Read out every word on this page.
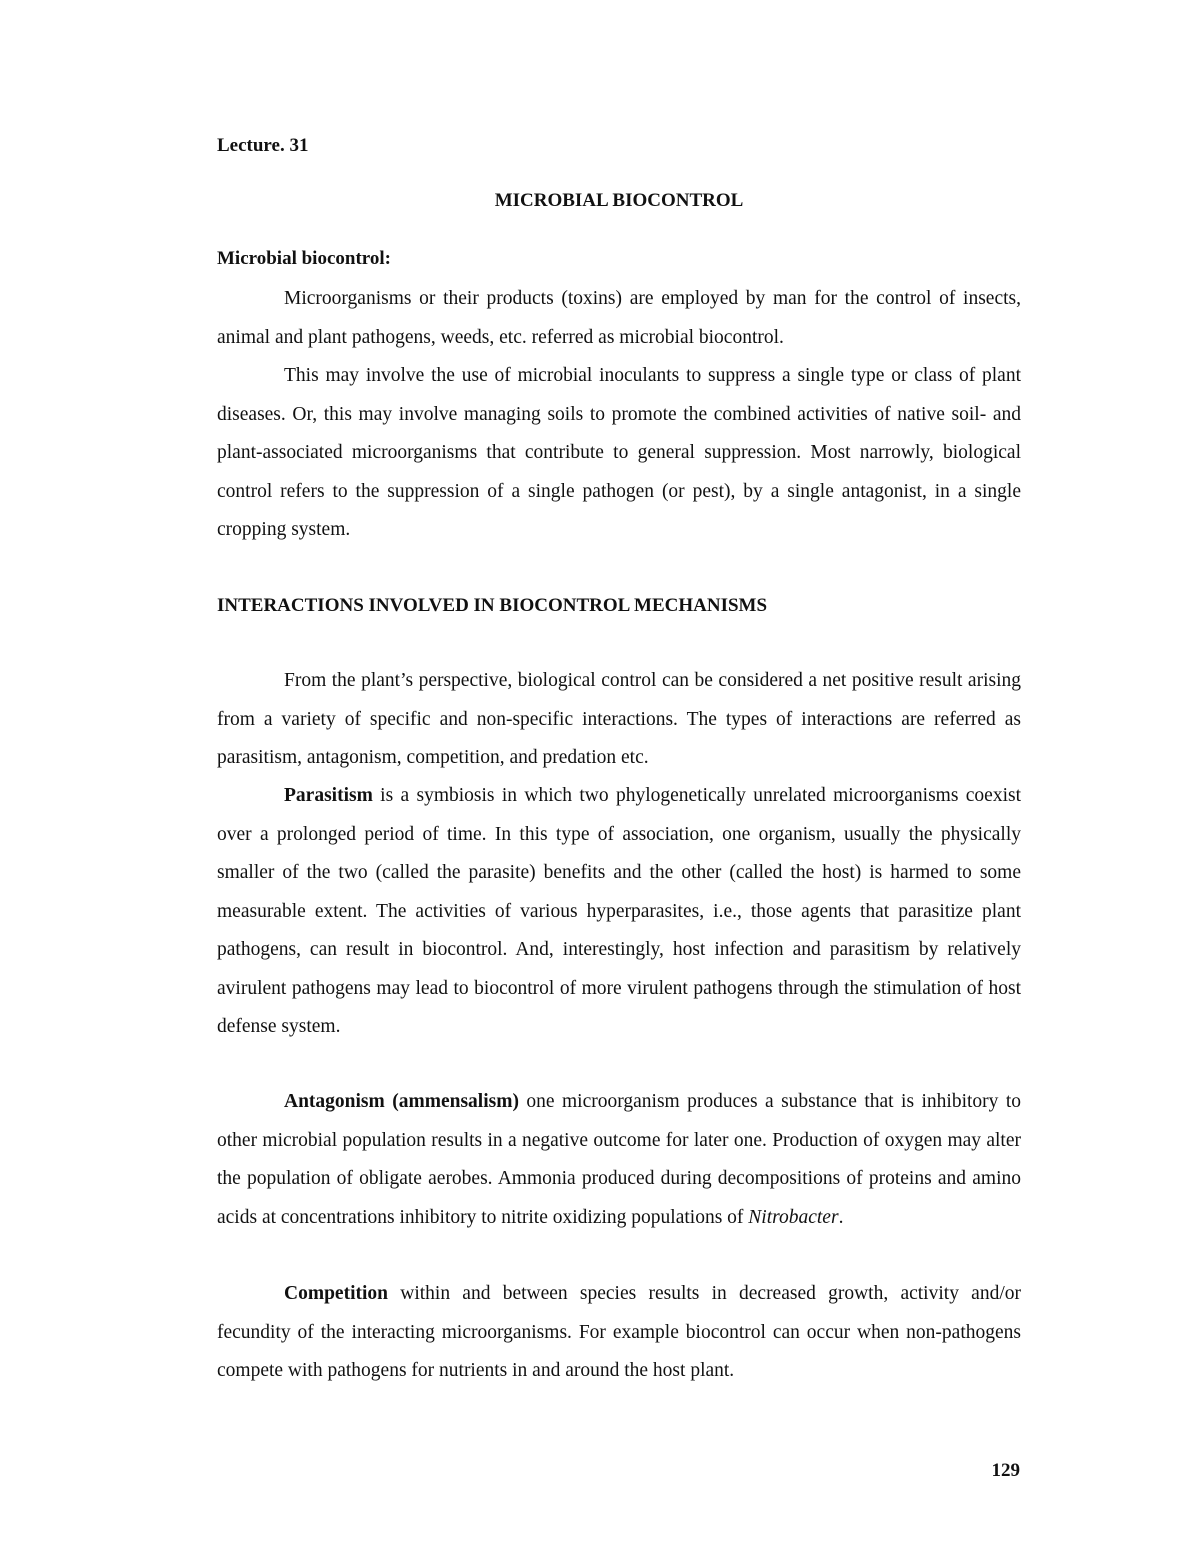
Lecture. 31

MICROBIAL BIOCONTROL
Microbial biocontrol:

Microorganisms or their products (toxins) are employed by man for the control of insects, animal and plant pathogens, weeds, etc. referred as microbial biocontrol.

This may involve the use of microbial inoculants to suppress a single type or class of plant diseases. Or, this may involve managing soils to promote the combined activities of native soil- and plant-associated microorganisms that contribute to general suppression. Most narrowly, biological control refers to the suppression of a single pathogen (or pest), by a single antagonist, in a single cropping system.

INTERACTIONS INVOLVED IN BIOCONTROL MECHANISMS

From the plant’s perspective, biological control can be considered a net positive result arising from a variety of specific and non-specific interactions. The types of interactions are referred as parasitism, antagonism, competition, and predation etc.

Parasitism is a symbiosis in which two phylogenetically unrelated microorganisms coexist over a prolonged period of time. In this type of association, one organism, usually the physically smaller of the two (called the parasite) benefits and the other (called the host) is harmed to some measurable extent. The activities of various hyperparasites, i.e., those agents that parasitize plant pathogens, can result in biocontrol. And, interestingly, host infection and parasitism by relatively avirulent pathogens may lead to biocontrol of more virulent pathogens through the stimulation of host defense system.

Antagonism (ammensalism) one microorganism produces a substance that is inhibitory to other microbial population results in a negative outcome for later one. Production of oxygen may alter the population of obligate aerobes. Ammonia produced during decompositions of proteins and amino acids at concentrations inhibitory to nitrite oxidizing populations of Nitrobacter.

Competition within and between species results in decreased growth, activity and/or fecundity of the interacting microorganisms. For example biocontrol can occur when non-pathogens compete with pathogens for nutrients in and around the host plant.

129
